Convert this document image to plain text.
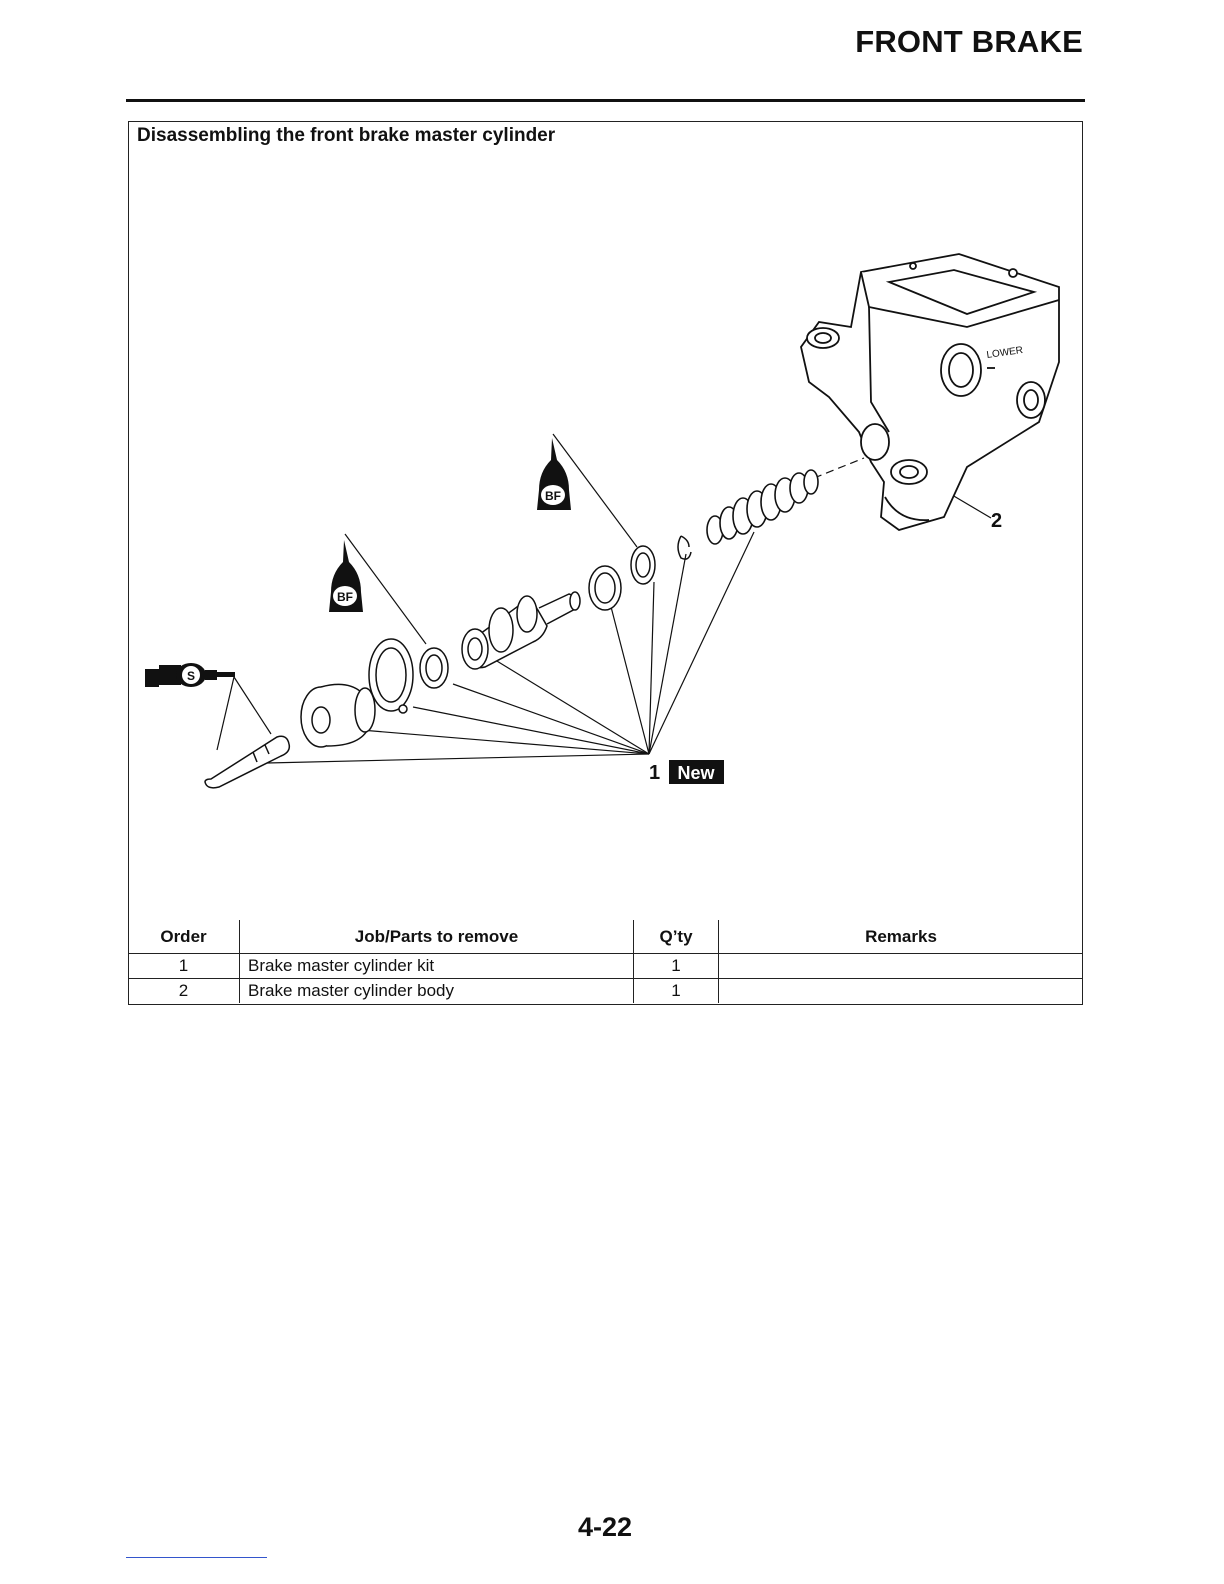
FRONT BRAKE
Disassembling the front brake master cylinder
BF
BF
S
LOWER
1 New
2
Order	Job/Parts to remove	Q’ty	Remarks
1	Brake master cylinder kit	1	
2	Brake master cylinder body	1	
4-22
